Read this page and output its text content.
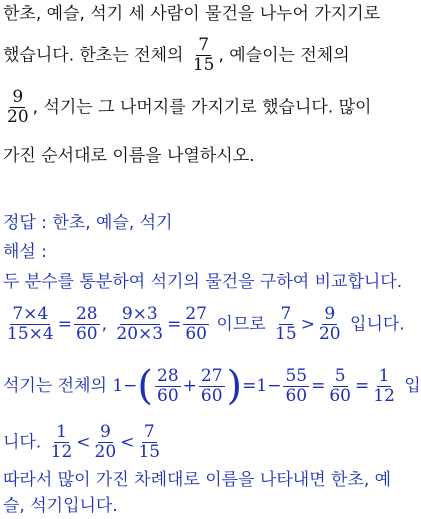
한초, 예슬, 석기 세 사람이 물건을 나누어 가지기로
했습니다. 한초는 전체의 $\frac{7}{15}$ , 예슬이는 전체의
$\frac{9}{20}$ , 석기는 그 나머지를 가지기로 했습니다. 많이
가진 순서대로 이름을 나열하시오.
정답 : 한초, 예슬, 석기
해설 :
두 분수를 통분하여 석기의 물건을 구하여 비교합니다.
$\frac{7\times 4}{15\times 4} = \frac{28}{60}$ , $\frac{9\times 3}{20\times 3} = \frac{27}{60}$ 이므로 $\frac{7}{15} > \frac{9}{20}$ 입니다.
석기는 전체의 $1-( \frac{28}{60} + \frac{27}{60} )=1- \frac{55}{60} = \frac{5}{60} = \frac{1}{12}$ 입
니다. $\frac{1}{12} < \frac{9}{20} < \frac{7}{15}$
따라서 많이 가진 차례대로 이름을 나타내면 한초, 예
슬, 석기입니다.
